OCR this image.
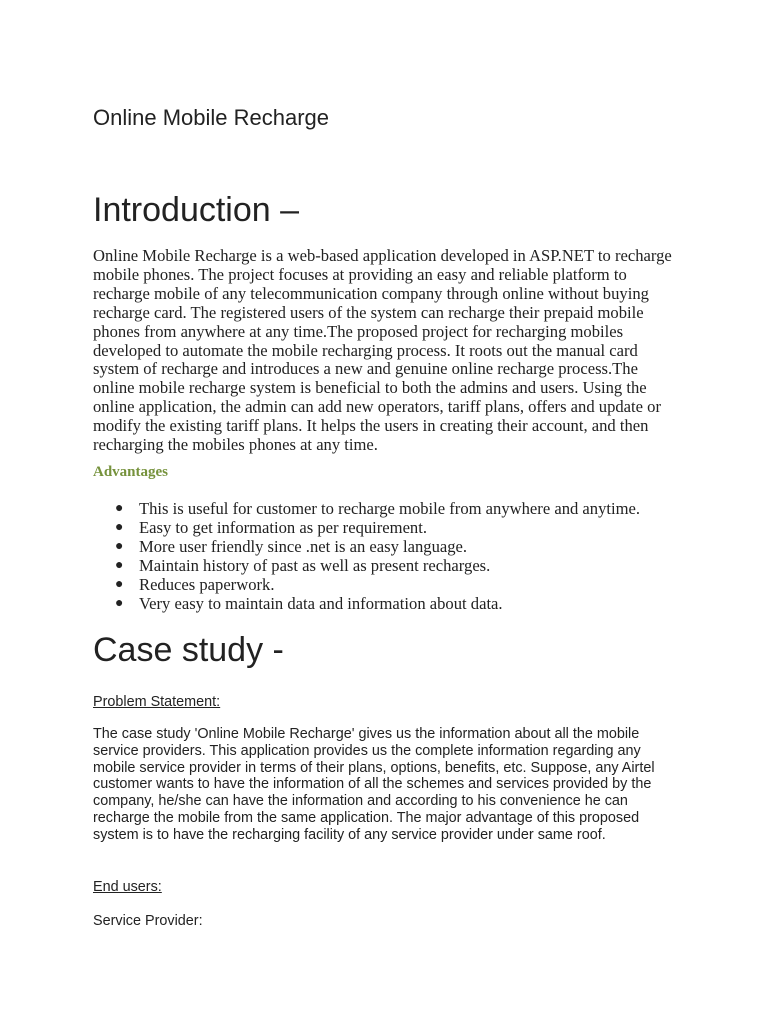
Online Mobile Recharge
Introduction –
Online Mobile Recharge is a web-based application developed in ASP.NET to recharge mobile phones. The project focuses at providing an easy and reliable platform to recharge mobile of any telecommunication company through online without buying recharge card. The registered users of the system can recharge their prepaid mobile phones from anywhere at any time.The proposed project for recharging mobiles developed to automate the mobile recharging process. It roots out the manual card system of recharge and introduces a new and genuine online recharge process.The online mobile recharge system is beneficial to both the admins and users. Using the online application, the admin can add new operators, tariff plans, offers and update or modify the existing tariff plans. It helps the users in creating their account, and then recharging the mobiles phones at any time.
Advantages
● This is useful for customer to recharge mobile from anywhere and anytime.
● Easy to get information as per requirement.
● More user friendly since .net is an easy language.
● Maintain history of past as well as present recharges.
● Reduces paperwork.
● Very easy to maintain data and information about data.
Case study -
Problem Statement:
The case study 'Online Mobile Recharge' gives us the information about all the mobile service providers. This application provides us the complete information regarding any mobile service provider in terms of their plans, options, benefits, etc. Suppose, any Airtel customer wants to have the information of all the schemes and services provided by the company, he/she can have the information and according to his convenience he can recharge the mobile from the same application. The major advantage of this proposed system is to have the recharging facility of any service provider under same roof.
End users:
Service Provider:
